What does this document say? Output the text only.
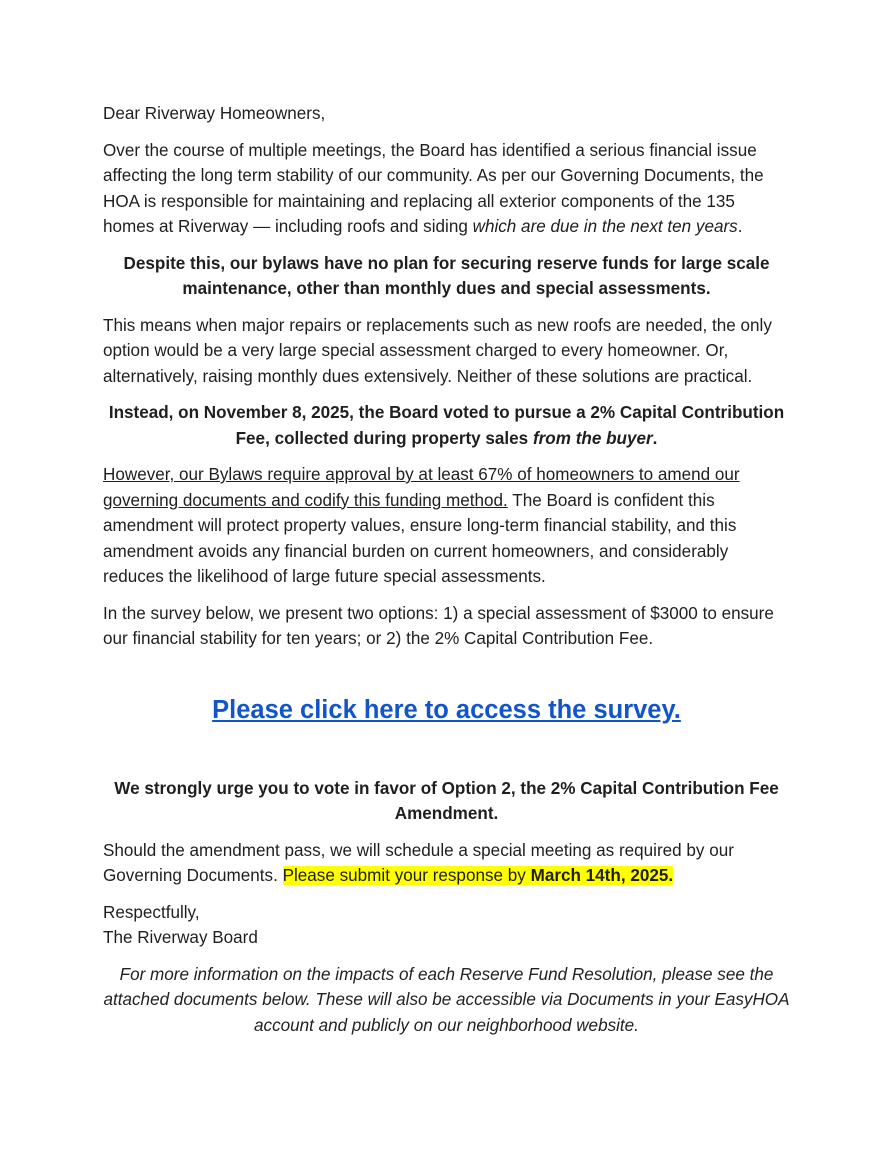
Dear Riverway Homeowners,

Over the course of multiple meetings, the Board has identified a serious financial issue affecting the long term stability of our community. As per our Governing Documents, the HOA is responsible for maintaining and replacing all exterior components of the 135 homes at Riverway — including roofs and siding which are due in the next ten years.

Despite this, our bylaws have no plan for securing reserve funds for large scale maintenance, other than monthly dues and special assessments.

This means when major repairs or replacements such as new roofs are needed, the only option would be a very large special assessment charged to every homeowner. Or, alternatively, raising monthly dues extensively. Neither of these solutions are practical.

Instead, on November 8, 2025, the Board voted to pursue a 2% Capital Contribution Fee, collected during property sales from the buyer.

However, our Bylaws require approval by at least 67% of homeowners to amend our governing documents and codify this funding method. The Board is confident this amendment will protect property values, ensure long-term financial stability, and this amendment avoids any financial burden on current homeowners, and considerably reduces the likelihood of large future special assessments.

In the survey below, we present two options: 1) a special assessment of $3000 to ensure our financial stability for ten years; or 2) the 2% Capital Contribution Fee.

Please click here to access the survey.

We strongly urge you to vote in favor of Option 2, the 2% Capital Contribution Fee Amendment.

Should the amendment pass, we will schedule a special meeting as required by our Governing Documents. Please submit your response by March 14th, 2025.

Respectfully,
The Riverway Board

For more information on the impacts of each Reserve Fund Resolution, please see the attached documents below. These will also be accessible via Documents in your EasyHOA account and publicly on our neighborhood website.
